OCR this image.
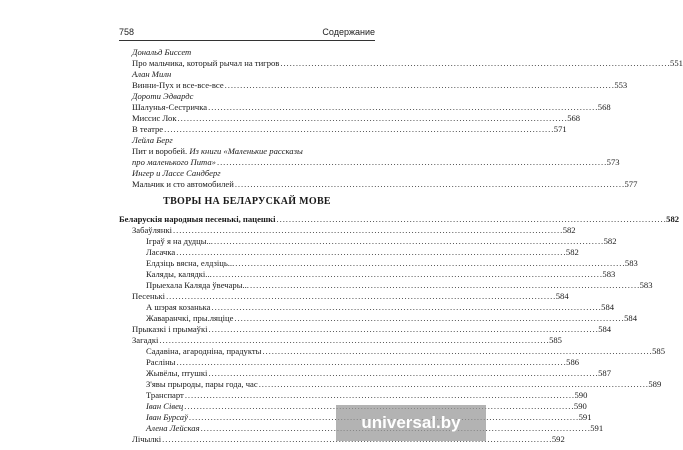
758	Содержание
ТВОРЫ НА БЕЛАРУСКАЙ МОВЕ
Дональд Биссет
Про мальчика, который рычал на тигров . . .	551
Алан Милн
Винни-Пух и все-все-все . . .	553
Дороти Эдвардс
Шалунья-Сестричка . . .	568
Миссис Лок . . .	568
В театре . . .	571
Лейла Берг
Пит и воробей. Из книги «Маленькие рассказы
про маленького Пита» . . .	573
Ингер и Лассе Сандберг
Мальчик и сто автомобилей . . .	577
Беларускія народныя песенькі, пацешкі . . .	582
Забаўлянкі . . .	582
Іграў я на дудцы... . . .	582
Ласачка . . .	582
Елдзіць вясна, елдзіць... . . .	583
Каляды, калядкі... . . .	583
Прыехала Каляда ўвечары... . . .	583
Песенькі . . .	584
А шэрая козанька . . .	584
Жаваранчкі, пры.ляціце . . .	584
Прыказкі і прымаўкі . . .	584
Загадкі . . .	585
Садавіна, агародніна, прадукты . . .	585
Расліны . . .	586
Жывёлы, птушкі . . .	587
З'явы прыроды, пары года, час . . .	589
Транспарт . . .	590
Іван Сівец . . .	590
Іван Бурсаў . . .	591
Алена Лейская . . .	591
Лічылкі . . .	592
universal.by
